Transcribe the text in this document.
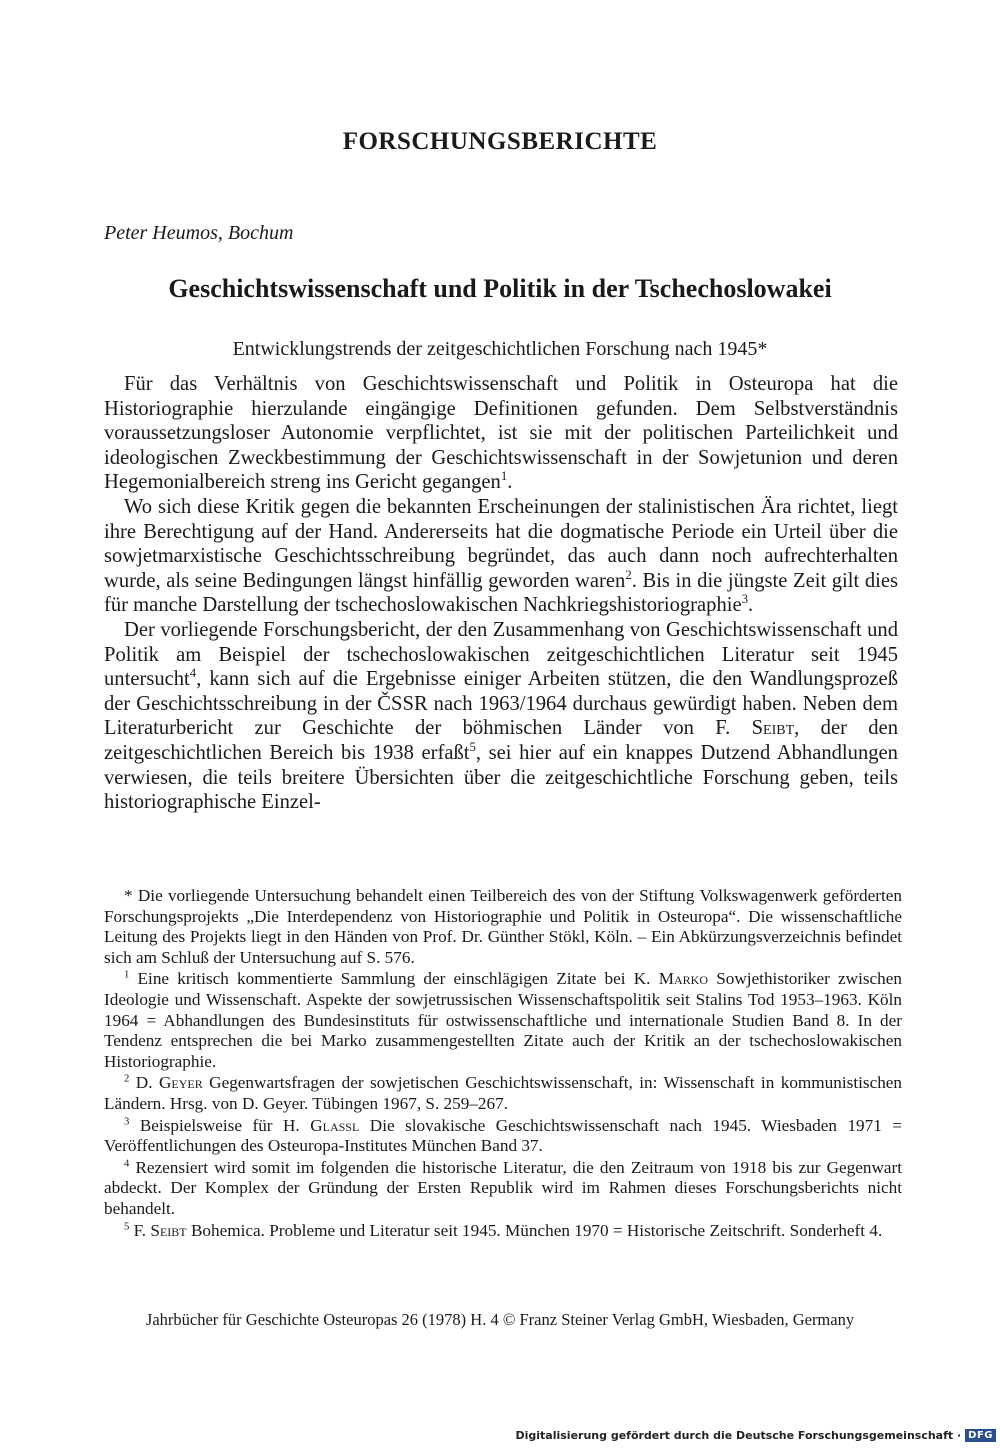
FORSCHUNGSBERICHTE

Peter Heumos, Bochum

Geschichtswissenschaft und Politik in der Tschechoslowakei

Entwicklungstrends der zeitgeschichtlichen Forschung nach 1945*

Für das Verhältnis von Geschichtswissenschaft und Politik in Osteuropa hat die Historiographie hierzulande eingängige Definitionen gefunden. Dem Selbstverständnis voraussetzungsloser Autonomie verpflichtet, ist sie mit der politischen Parteilichkeit und ideologischen Zweckbestimmung der Geschichtswissenschaft in der Sowjetunion und deren Hegemonialbereich streng ins Gericht gegangen$^1$.

Wo sich diese Kritik gegen die bekannten Erscheinungen der stalinistischen Ära richtet, liegt ihre Berechtigung auf der Hand. Andererseits hat die dogmatische Periode ein Urteil über die sowjetmarxistische Geschichtsschreibung begründet, das auch dann noch aufrechterhalten wurde, als seine Bedingungen längst hinfällig geworden waren$^2$. Bis in die jüngste Zeit gilt dies für manche Darstellung der tschechoslowakischen Nachkriegshistoriographie$^3$.

Der vorliegende Forschungsbericht, der den Zusammenhang von Geschichtswissenschaft und Politik am Beispiel der tschechoslowakischen zeitgeschichtlichen Literatur seit 1945 untersucht$^4$, kann sich auf die Ergebnisse einiger Arbeiten stützen, die den Wandlungsprozeß der Geschichtsschreibung in der ČSSR nach 1963/1964 durchaus gewürdigt haben. Neben dem Literaturbericht zur Geschichte der böhmischen Länder von F. Seibt, der den zeitgeschichtlichen Bereich bis 1938 erfaßt$^5$, sei hier auf ein knappes Dutzend Abhandlungen verwiesen, die teils breitere Übersichten über die zeitgeschichtliche Forschung geben, teils historiographische Einzel-

* Die vorliegende Untersuchung behandelt einen Teilbereich des von der Stiftung Volkswagenwerk geförderten Forschungsprojekts „Die Interdependenz von Historiographie und Politik in Osteuropa“. Die wissenschaftliche Leitung des Projekts liegt in den Händen von Prof. Dr. Günther Stökl, Köln. – Ein Abkürzungsverzeichnis befindet sich am Schluß der Untersuchung auf S. 576.

$^1$ Eine kritisch kommentierte Sammlung der einschlägigen Zitate bei K. Marko Sowjethistoriker zwischen Ideologie und Wissenschaft. Aspekte der sowjetrussischen Wissenschaftspolitik seit Stalins Tod 1953–1963. Köln 1964 = Abhandlungen des Bundesinstituts für ostwissenschaftliche und internationale Studien Band 8. In der Tendenz entsprechen die bei Marko zusammengestellten Zitate auch der Kritik an der tschechoslowakischen Historiographie.

$^2$ D. Geyer Gegenwartsfragen der sowjetischen Geschichtswissenschaft, in: Wissenschaft in kommunistischen Ländern. Hrsg. von D. Geyer. Tübingen 1967, S. 259–267.

$^3$ Beispielsweise für H. Glassl Die slovakische Geschichtswissenschaft nach 1945. Wiesbaden 1971 = Veröffentlichungen des Osteuropa-Institutes München Band 37.

$^4$ Rezensiert wird somit im folgenden die historische Literatur, die den Zeitraum von 1918 bis zur Gegenwart abdeckt. Der Komplex der Gründung der Ersten Republik wird im Rahmen dieses Forschungsberichts nicht behandelt.

$^5$ F. Seibt Bohemica. Probleme und Literatur seit 1945. München 1970 = Historische Zeitschrift. Sonderheft 4.

Jahrbücher für Geschichte Osteuropas 26 (1978) H. 4 © Franz Steiner Verlag GmbH, Wiesbaden, Germany

Digitalisierung gefördert durch die Deutsche Forschungsgemeinschaft · DFG
